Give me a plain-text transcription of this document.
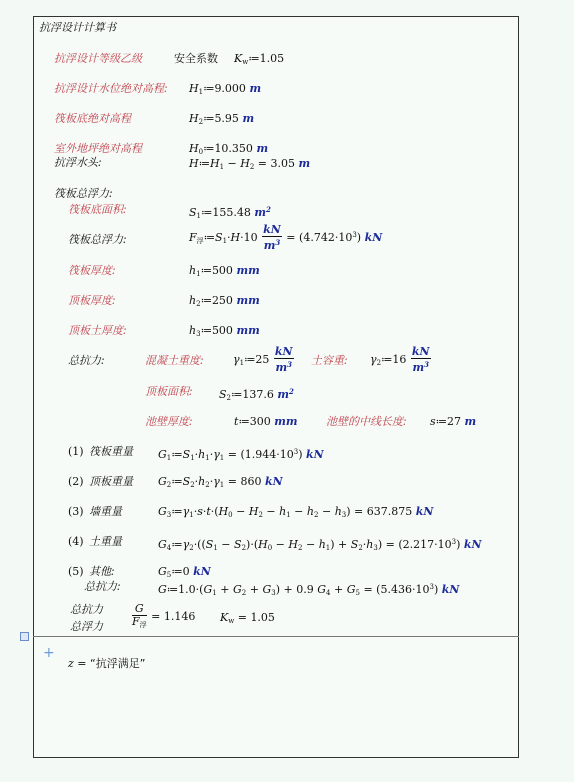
抗浮设计计算书
抗浮设计等级乙级	安全系数 $K_w≔1.05$
抗浮设计水位绝对高程: $H_1≔9.000$ m
筏板底绝对高程	$H_2≔5.95$ m
室外地坪绝对高程	$H_0≔10.350$ m
抗浮水头:	$H≔H_1 - H_2 = 3.05$ m
筏板总浮力:
筏板底面积:	$S_1≔155.48$ $m^2$
筏板总浮力:	$F_浮≔S_1\cdot H\cdot 10 \frac{kN}{m^3} = (4.742\cdot 10^3)$ kN
筏板厚度:	$h_1≔500$ mm
顶板厚度:	$h_2≔250$ mm
顶板土厚度:	$h_3≔500$ mm
总抗力:	混凝土重度:	$\gamma_1≔25 \frac{kN}{m^3}$ 土容重: $\gamma_2≔16 \frac{kN}{m^3}$
顶板面积: $S_2≔137.6$ $m^2$
池壁厚度:	t≔300 mm	池壁的中线长度: s≔27 m
(1) 筏板重量 $G_1≔S_1\cdot h_1\cdot\gamma_1 = (1.944\cdot 10^3)$ kN
(2) 顶板重量 $G_2≔S_2\cdot h_2\cdot\gamma_1 = 860$ kN
(3) 墙重量	$G_3≔\gamma_1\cdot s\cdot t\cdot(H_0 - H_2 - h_1 - h_2 - h_3) = 637.875$ kN
(4) 土重量	$G_4≔\gamma_2\cdot((S_1 - S_2)\cdot(H_0 - H_2 - h_1) + S_2\cdot h_3) = (2.217\cdot 10^3)$ kN
(5) 其他:	$G_5≔0$ kN
总抗力:	$G≔1.0\cdot(G_1 + G_2 + G_3) + 0.9$ $G_4 + G_5 = (5.436\cdot 10^3)$ kN
总抗力
总浮力	$\frac{G}{F_浮} = 1.146$ $K_w = 1.05$
+
z = “抗浮满足”
